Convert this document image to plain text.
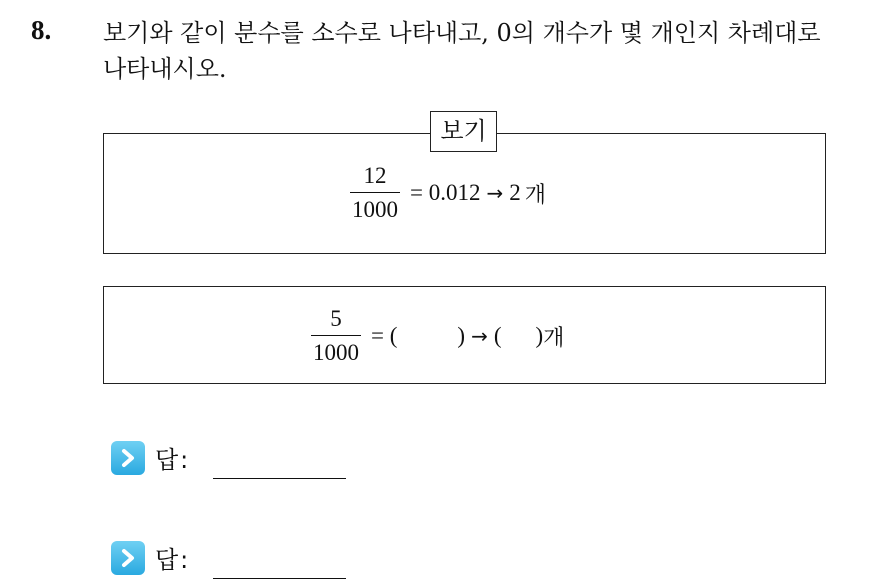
8. 보기와 같이 분수를 소수로 나타내고, 0의 개수가 몇 개인지 차례대로
나타내시오.
보기
$\frac{12}{1000} = 0.012 \to 2$ 개
$\frac{5}{1000}$ = (	) → ( ) 개
답:
답:
